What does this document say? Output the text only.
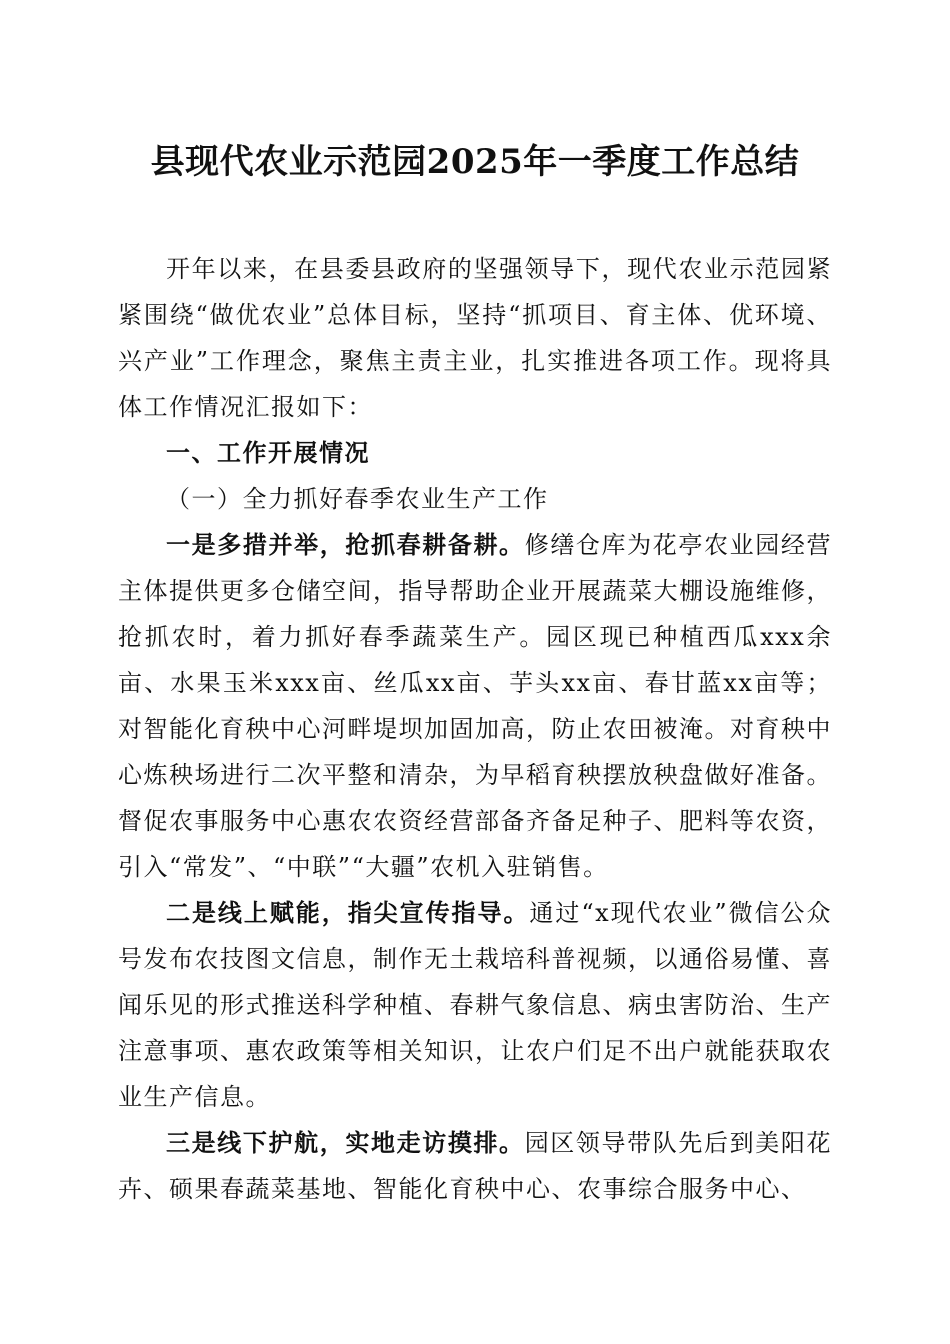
县现代农业示范园2025年一季度工作总结

开年以来，在县委县政府的坚强领导下，现代农业示范园紧紧围绕“做优农业”总体目标，坚持“抓项目、育主体、优环境、兴产业”工作理念，聚焦主责主业，扎实推进各项工作。现将具体工作情况汇报如下：

一、工作开展情况

（一）全力抓好春季农业生产工作

一是多措并举，抢抓春耕备耕。修缮仓库为花亭农业园经营主体提供更多仓储空间，指导帮助企业开展蔬菜大棚设施维修，抢抓农时，着力抓好春季蔬菜生产。园区现已种植西瓜xxx余亩、水果玉米xxx亩、丝瓜xx亩、芋头xx亩、春甘蓝xx亩等；对智能化育秧中心河畔堤坝加固加高，防止农田被淹。对育秧中心炼秧场进行二次平整和清杂，为早稻育秧摆放秧盘做好准备。督促农事服务中心惠农农资经营部备齐备足种子、肥料等农资，引入“常发”、“中联”“大疆”农机入驻销售。

二是线上赋能，指尖宣传指导。通过“x现代农业”微信公众号发布农技图文信息，制作无土栽培科普视频，以通俗易懂、喜闻乐见的形式推送科学种植、春耕气象信息、病虫害防治、生产注意事项、惠农政策等相关知识，让农户们足不出户就能获取农业生产信息。

三是线下护航，实地走访摸排。园区领导带队先后到美阳花卉、硕果春蔬菜基地、智能化育秧中心、农事综合服务中心、
